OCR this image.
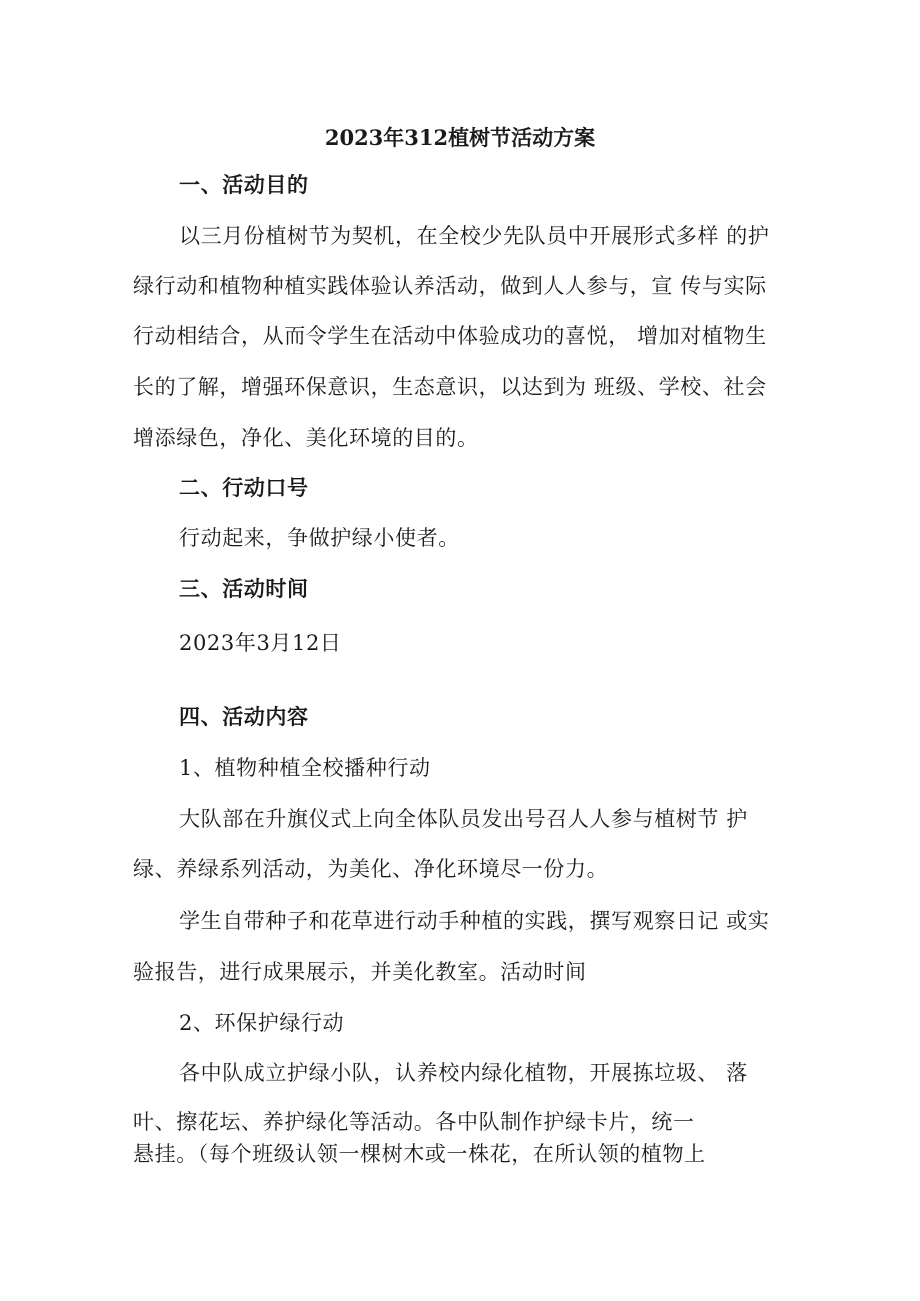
2023年312植树节活动方案
一、活动目的
以三月份植树节为契机，在全校少先队员中开展形式多样 的护
绿行动和植物种植实践体验认养活动，做到人人参与，宣 传与实际
行动相结合，从而令学生在活动中体验成功的喜悦， 增加对植物生
长的了解，增强环保意识，生态意识，以达到为 班级、学校、社会
增添绿色，净化、美化环境的目的。
二、行动口号
行动起来，争做护绿小使者。
三、活动时间
2023年3月12日
四、活动内容
1、植物种植全校播种行动
大队部在升旗仪式上向全体队员发出号召人人参与植树节 护
绿、养绿系列活动，为美化、净化环境尽一份力。
学生自带种子和花草进行动手种植的实践，撰写观察日记 或实
验报告，进行成果展示，并美化教室。活动时间
2、环保护绿行动
各中队成立护绿小队，认养校内绿化植物，开展拣垃圾、 落
叶、擦花坛、养护绿化等活动。各中队制作护绿卡片，统一
悬挂。（每个班级认领一棵树木或一株花，在所认领的植物上
